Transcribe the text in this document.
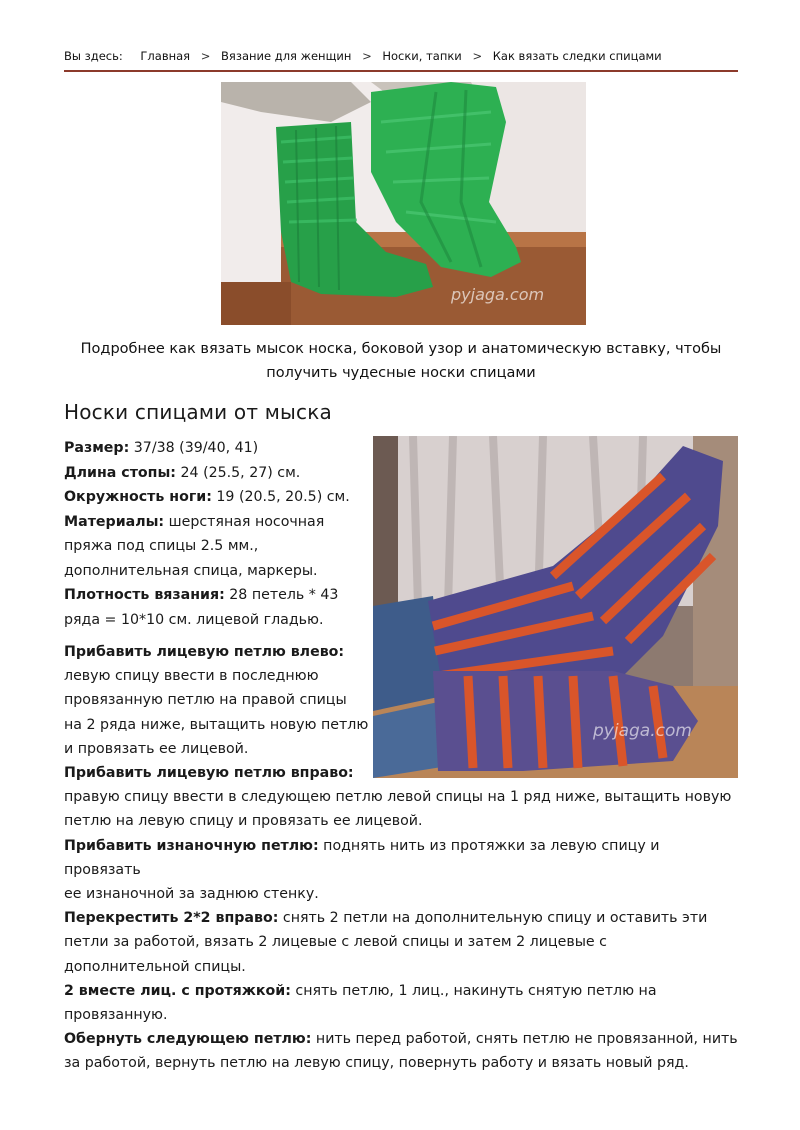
Вы здесь: Главная > Вязание для женщин > Носки, тапки > Как вязать следки спицами
pyjaga.com
Подробнее как вязать мысок носка, боковой узор и анатомическую вставку, чтобы
получить чудесные носки спицами
Носки спицами от мыска
Размер: 37/38 (39/40, 41)
Длина стопы: 24 (25.5, 27) см.
Окружность ноги: 19 (20.5, 20.5) см.
Материалы: шерстяная носочная
пряжа под спицы 2.5 мм.,
дополнительная спица, маркеры.
Плотность вязания: 28 петель * 43
ряда = 10*10 см. лицевой гладью.
pyjaga.com
Прибавить лицевую петлю влево:
левую спицу ввести в последнюю
провязанную петлю на правой спицы
на 2 ряда ниже, вытащить новую петлю
и провязать ее лицевой.
Прибавить лицевую петлю вправо:
правую спицу ввести в следующею петлю левой спицы на 1 ряд ниже, вытащить новую
петлю на левую спицу и провязать ее лицевой.
Прибавить изнаночную петлю: поднять нить из протяжки за левую спицу и провязать
ее изнаночной за заднюю стенку.
Перекрестить 2*2 вправо: снять 2 петли на дополнительную спицу и оставить эти
петли за работой, вязать 2 лицевые с левой спицы и затем 2 лицевые с
дополнительной спицы.
2 вместе лиц. с протяжкой: снять петлю, 1 лиц., накинуть снятую петлю на
провязанную.
Обернуть следующею петлю: нить перед работой, снять петлю не провязанной, нить
за работой, вернуть петлю на левую спицу, повернуть работу и вязать новый ряд.
